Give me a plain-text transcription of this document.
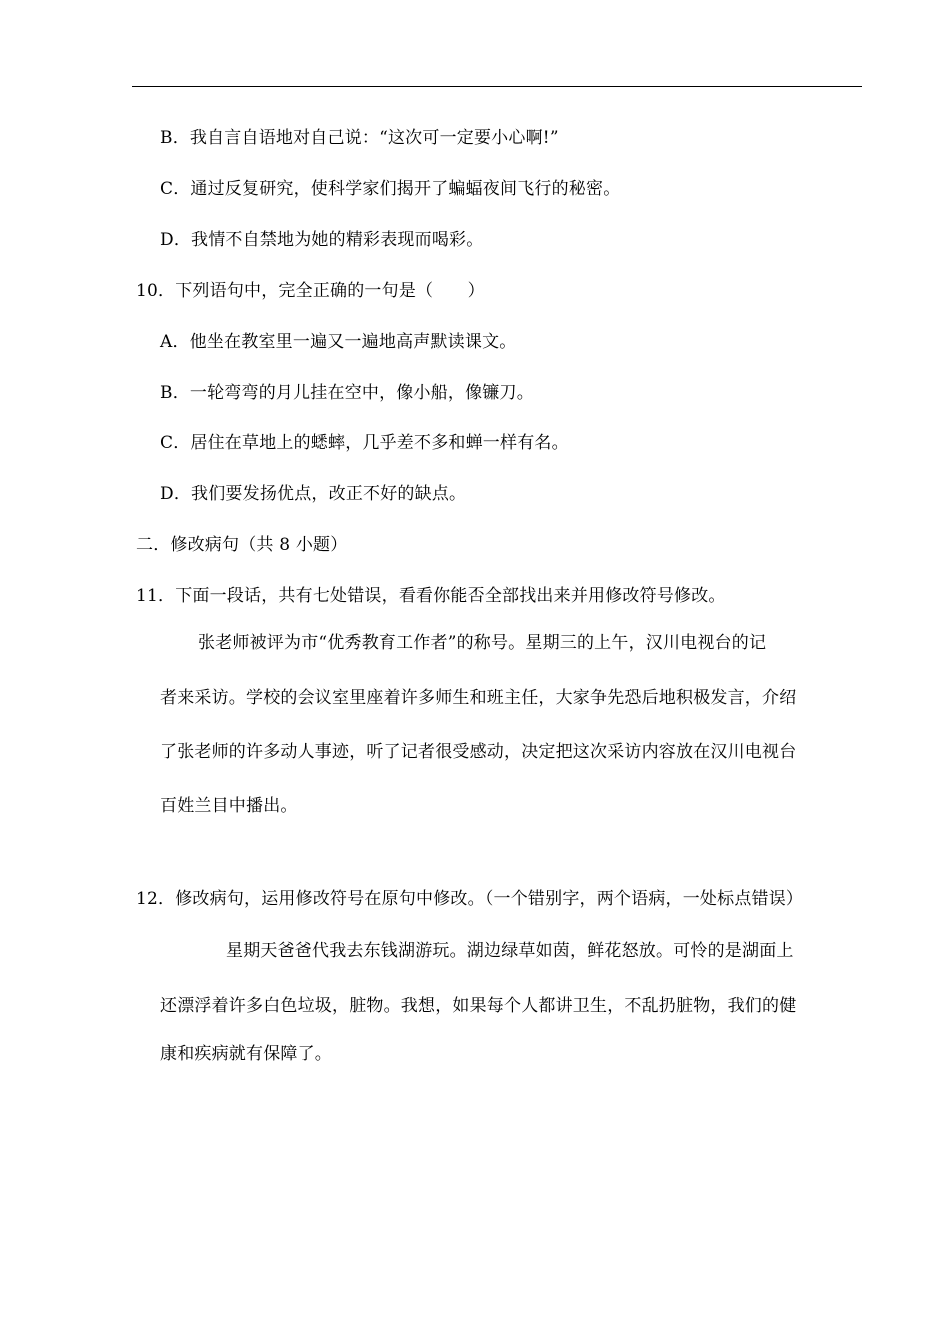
B．我自言自语地对自己说：“这次可一定要小心啊!”
C．通过反复研究，使科学家们揭开了蝙蝠夜间飞行的秘密。
D．我情不自禁地为她的精彩表现而喝彩。
10．下列语句中，完全正确的一句是（　　）
A．他坐在教室里一遍又一遍地高声默读课文。
B．一轮弯弯的月儿挂在空中，像小船，像镰刀。
C．居住在草地上的蟋蟀，几乎差不多和蝉一样有名。
D．我们要发扬优点，改正不好的缺点。
二．修改病句（共 8 小题）
11．下面一段话，共有七处错误，看看你能否全部找出来并用修改符号修改。
张老师被评为市“优秀教育工作者”的称号。星期三的上午，汉川电视台的记
者来采访。学校的会议室里座着许多师生和班主任，大家争先恐后地积极发言，介绍
了张老师的许多动人事迹，听了记者很受感动，决定把这次采访内容放在汉川电视台
百姓兰目中播出。
12．修改病句，运用修改符号在原句中修改。（一个错别字，两个语病，一处标点错误）
星期天爸爸代我去东钱湖游玩。湖边绿草如茵，鲜花怒放。可怜的是湖面上
还漂浮着许多白色垃圾，脏物。我想，如果每个人都讲卫生，不乱扔脏物，我们的健
康和疾病就有保障了。
